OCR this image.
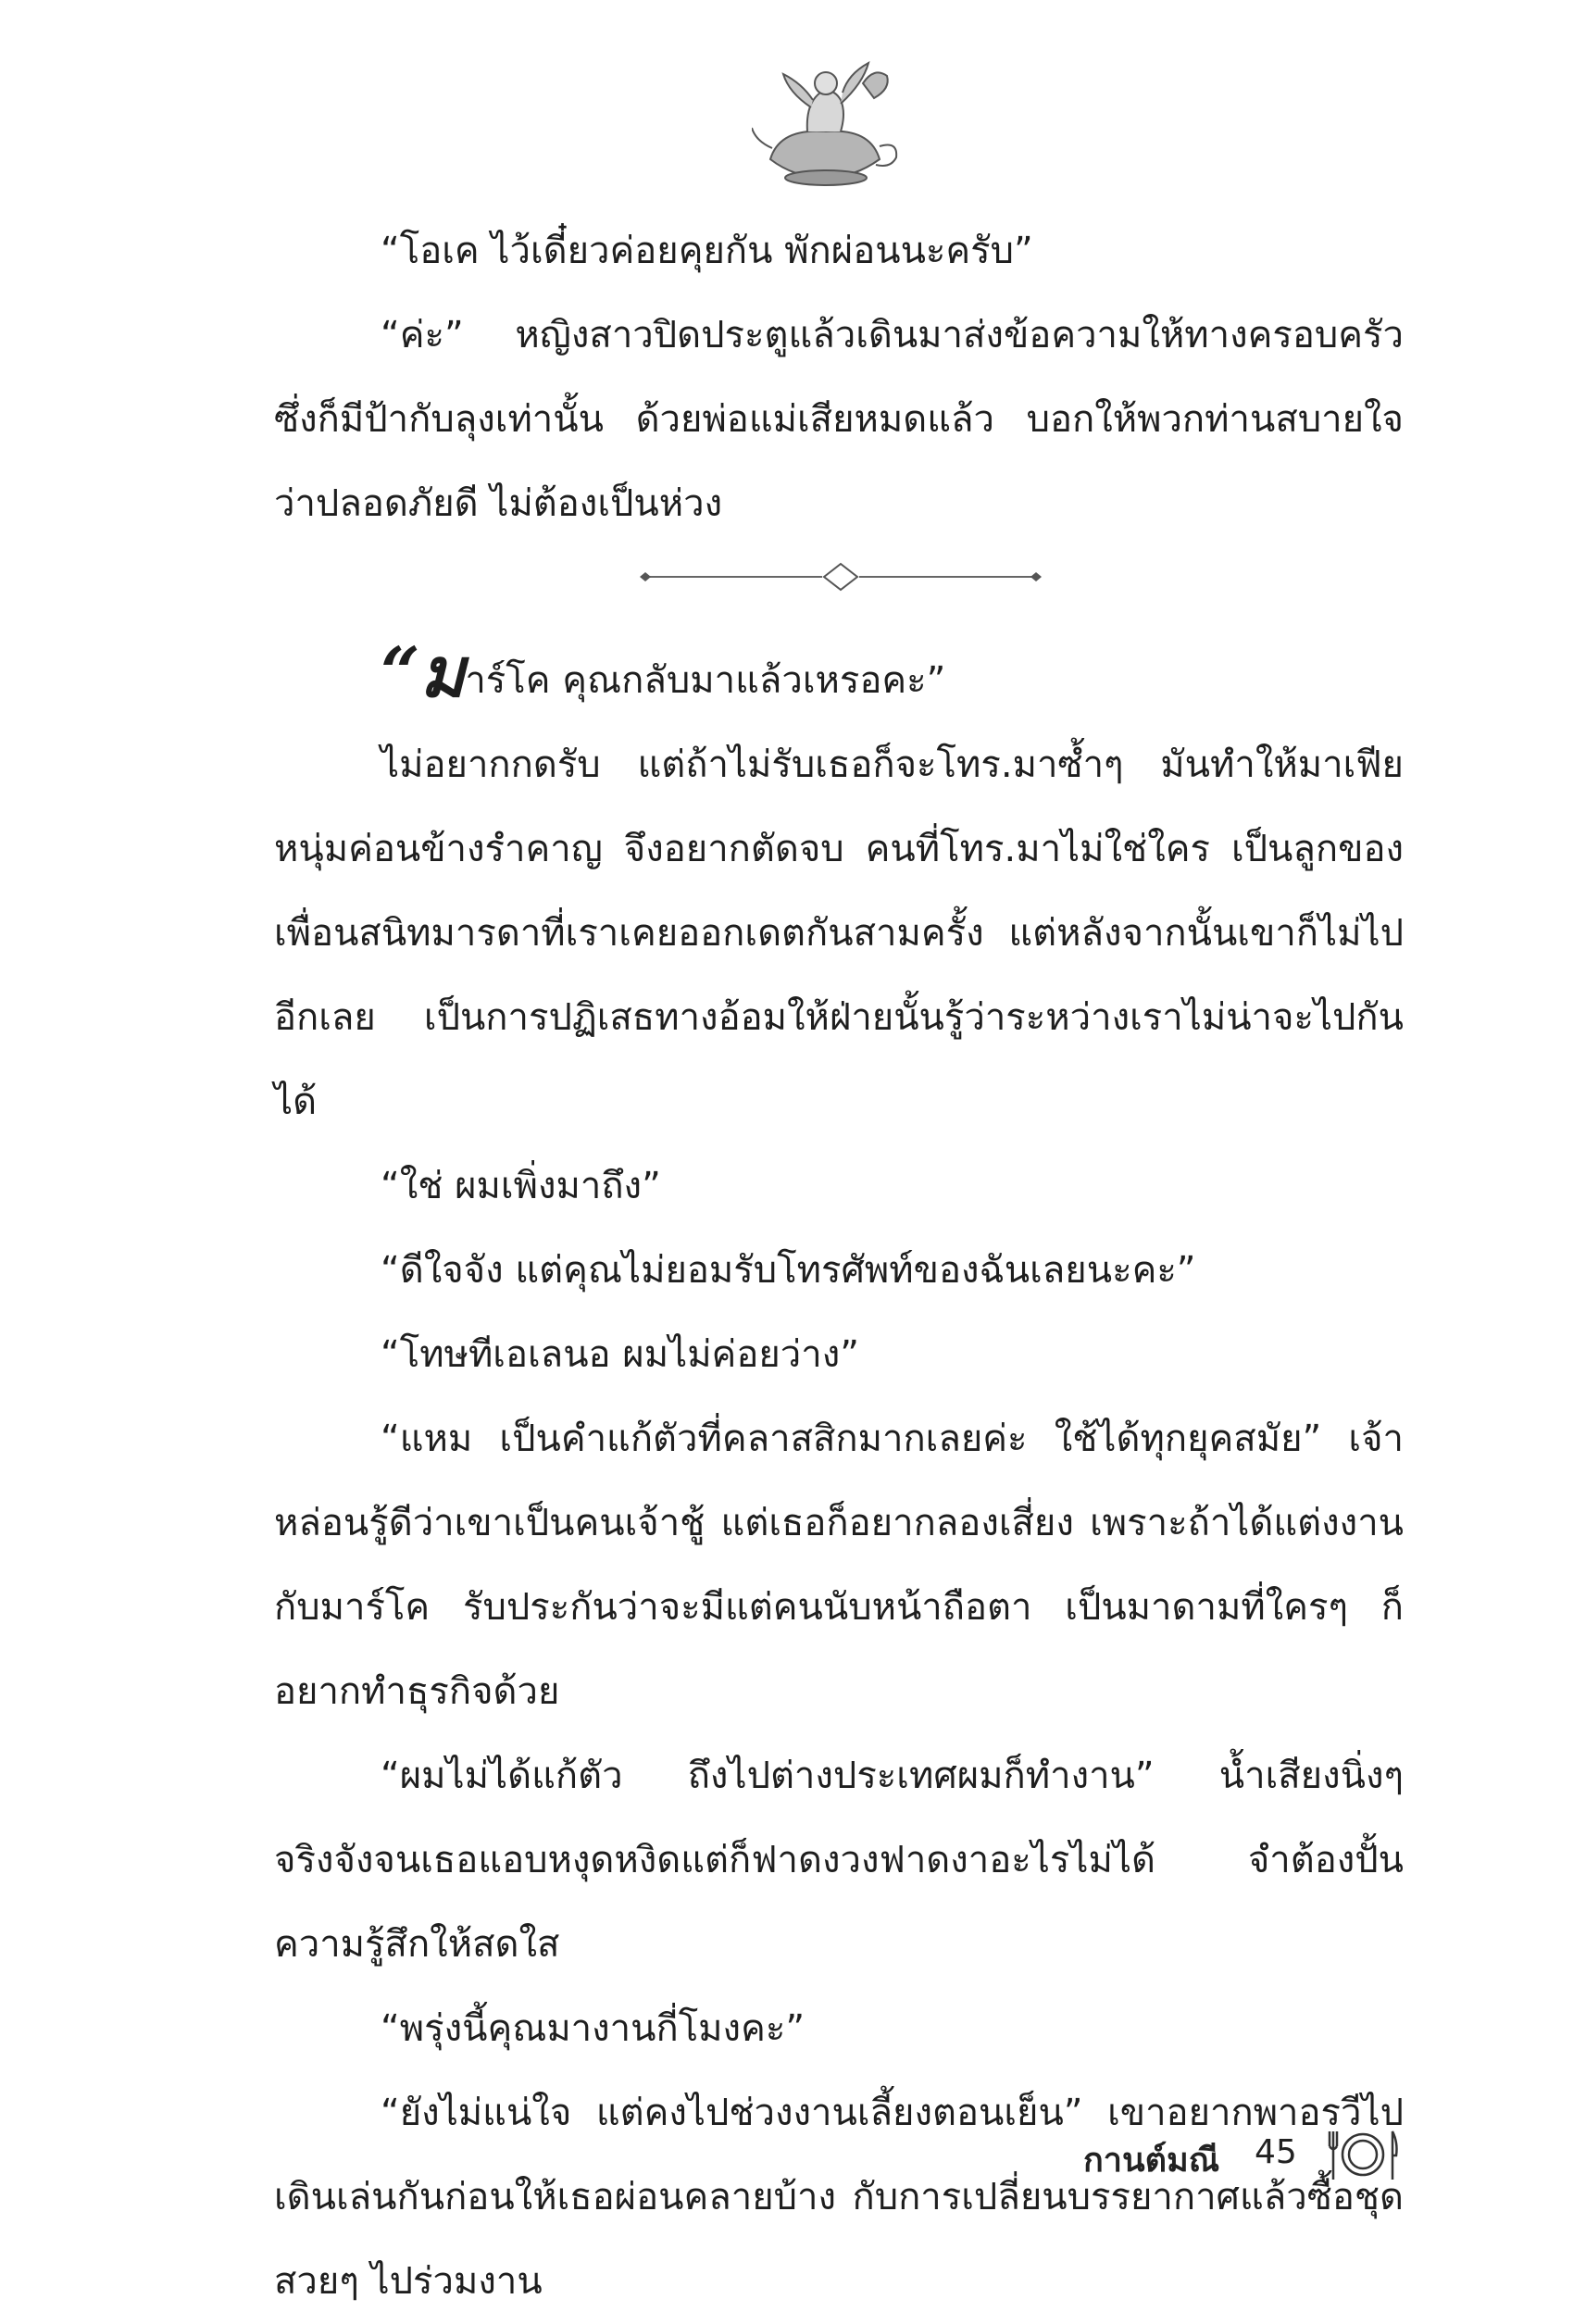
“โอเค ไว้เดี๋ยวค่อยคุยกัน พักผ่อนนะครับ”

“ค่ะ” หญิงสาวปิดประตูแล้วเดินมาส่งข้อความให้ทางครอบครัวซึ่งก็มีป้ากับลุงเท่านั้น ด้วยพ่อแม่เสียหมดแล้ว บอกให้พวกท่านสบายใจว่าปลอดภัยดี ไม่ต้องเป็นห่วง

“มาร์โค คุณกลับมาแล้วเหรอคะ”

ไม่อยากกดรับ แต่ถ้าไม่รับเธอก็จะโทร.มาซ้ำๆ มันทำให้มาเฟียหนุ่มค่อนข้างรำคาญ จึงอยากตัดจบ คนที่โทร.มาไม่ใช่ใคร เป็นลูกของเพื่อนสนิทมารดาที่เราเคยออกเดตกันสามครั้ง แต่หลังจากนั้นเขาก็ไม่ไปอีกเลย เป็นการปฏิเสธทางอ้อมให้ฝ่ายนั้นรู้ว่าระหว่างเราไม่น่าจะไปกันได้

“ใช่ ผมเพิ่งมาถึง”

“ดีใจจัง แต่คุณไม่ยอมรับโทรศัพท์ของฉันเลยนะคะ”

“โทษทีเอเลนอ ผมไม่ค่อยว่าง”

“แหม เป็นคำแก้ตัวที่คลาสสิกมากเลยค่ะ ใช้ได้ทุกยุคสมัย” เจ้าหล่อนรู้ดีว่าเขาเป็นคนเจ้าชู้ แต่เธอก็อยากลองเสี่ยง เพราะถ้าได้แต่งงานกับมาร์โค รับประกันว่าจะมีแต่คนนับหน้าถือตา เป็นมาดามที่ใครๆ ก็อยากทำธุรกิจด้วย

“ผมไม่ได้แก้ตัว ถึงไปต่างประเทศผมก็ทำงาน” น้ำเสียงนิ่งๆ จริงจังจนเธอแอบหงุดหงิดแต่ก็ฟาดงวงฟาดงาอะไรไม่ได้ จำต้องปั้นความรู้สึกให้สดใส

“พรุ่งนี้คุณมางานกี่โมงคะ”

“ยังไม่แน่ใจ แต่คงไปช่วงงานเลี้ยงตอนเย็น” เขาอยากพาอรวีไปเดินเล่นกันก่อนให้เธอผ่อนคลายบ้าง กับการเปลี่ยนบรรยากาศแล้วซื้อชุดสวยๆ ไปร่วมงาน

กานต์มณี 45
